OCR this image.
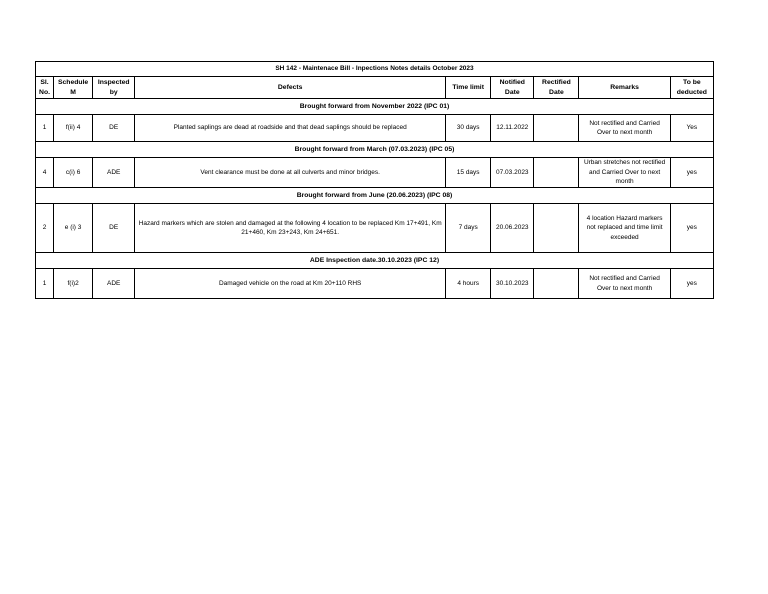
SH 142 - Maintenace Bill - Inpections Notes details October 2023								
Sl. No.	Schedule M	Inspected by	Defects	Time limit	Notified Date	Rectified Date	Remarks	To be deducted
Brought forward from November 2022 (IPC 01)								
1	f(ii) 4	DE	Planted saplings are dead at roadside and that dead saplings should be replaced	30 days	12.11.2022		Not rectified and Carried Over to next month	Yes
Brought forward from March (07.03.2023) (IPC 05)								
4	c(i) 6	ADE	Vent clearance must be done at all culverts and minor bridges.	15 days	07.03.2023		Urban stretches not rectified and Carried Over to next month	yes
Brought forward from June (20.06.2023) (IPC 08)								
2	e (i) 3	DE	Hazard markers which are stolen and damaged at the following 4 location to be replaced Km 17+491, Km 21+460, Km 23+243, Km 24+651.	7 days	20.06.2023		4 location Hazard markers not replaced and time limit exceeded	yes
ADE Inspection date.30.10.2023 (IPC 12)								
1	f(i)2	ADE	Damaged vehicle on the road at Km 20+110 RHS	4 hours	30.10.2023		Not rectified and Carried Over to next month	yes
